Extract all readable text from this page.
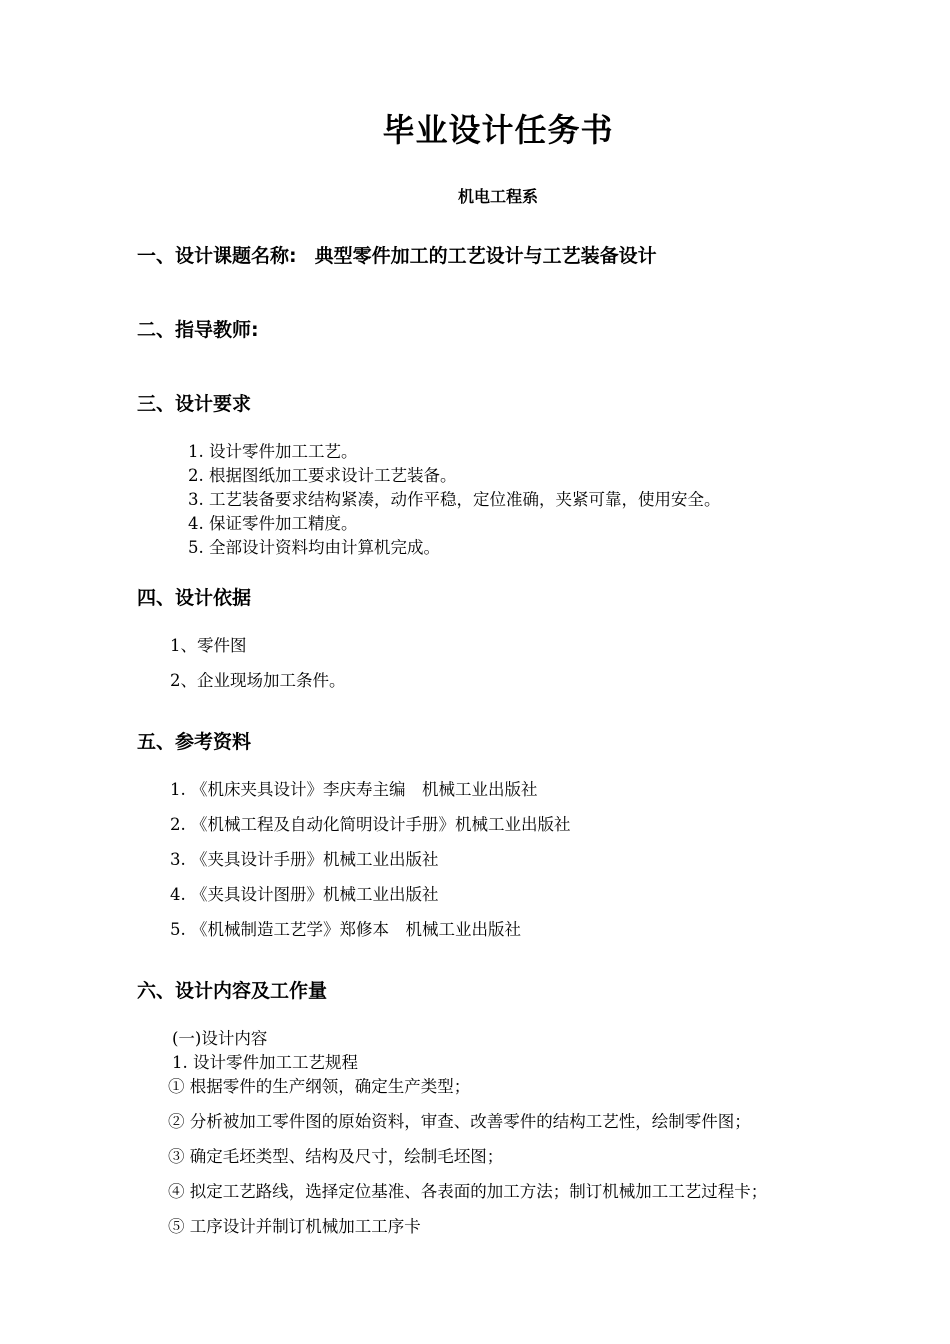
毕业设计任务书
机电工程系
一、设计课题名称: 典型零件加工的工艺设计与工艺装备设计
二、指导教师:
三、设计要求
1. 设计零件加工工艺。
2. 根据图纸加工要求设计工艺装备。
3. 工艺装备要求结构紧凑，动作平稳，定位准确，夹紧可靠，使用安全。
4. 保证零件加工精度。
5. 全部设计资料均由计算机完成。
四、设计依据
1、零件图
2、企业现场加工条件。
五、参考资料
1. 《机床夹具设计》李庆寿主编　机械工业出版社
2. 《机械工程及自动化简明设计手册》机械工业出版社
3. 《夹具设计手册》机械工业出版社
4. 《夹具设计图册》机械工业出版社
5. 《机械制造工艺学》郑修本　机械工业出版社
六、设计内容及工作量
(一)设计内容
1. 设计零件加工工艺规程
① 根据零件的生产纲领，确定生产类型；
② 分析被加工零件图的原始资料，审查、改善零件的结构工艺性，绘制零件图；
③ 确定毛坯类型、结构及尺寸，绘制毛坯图；
④ 拟定工艺路线，选择定位基准、各表面的加工方法；制订机械加工工艺过程卡；
⑤ 工序设计并制订机械加工工序卡
